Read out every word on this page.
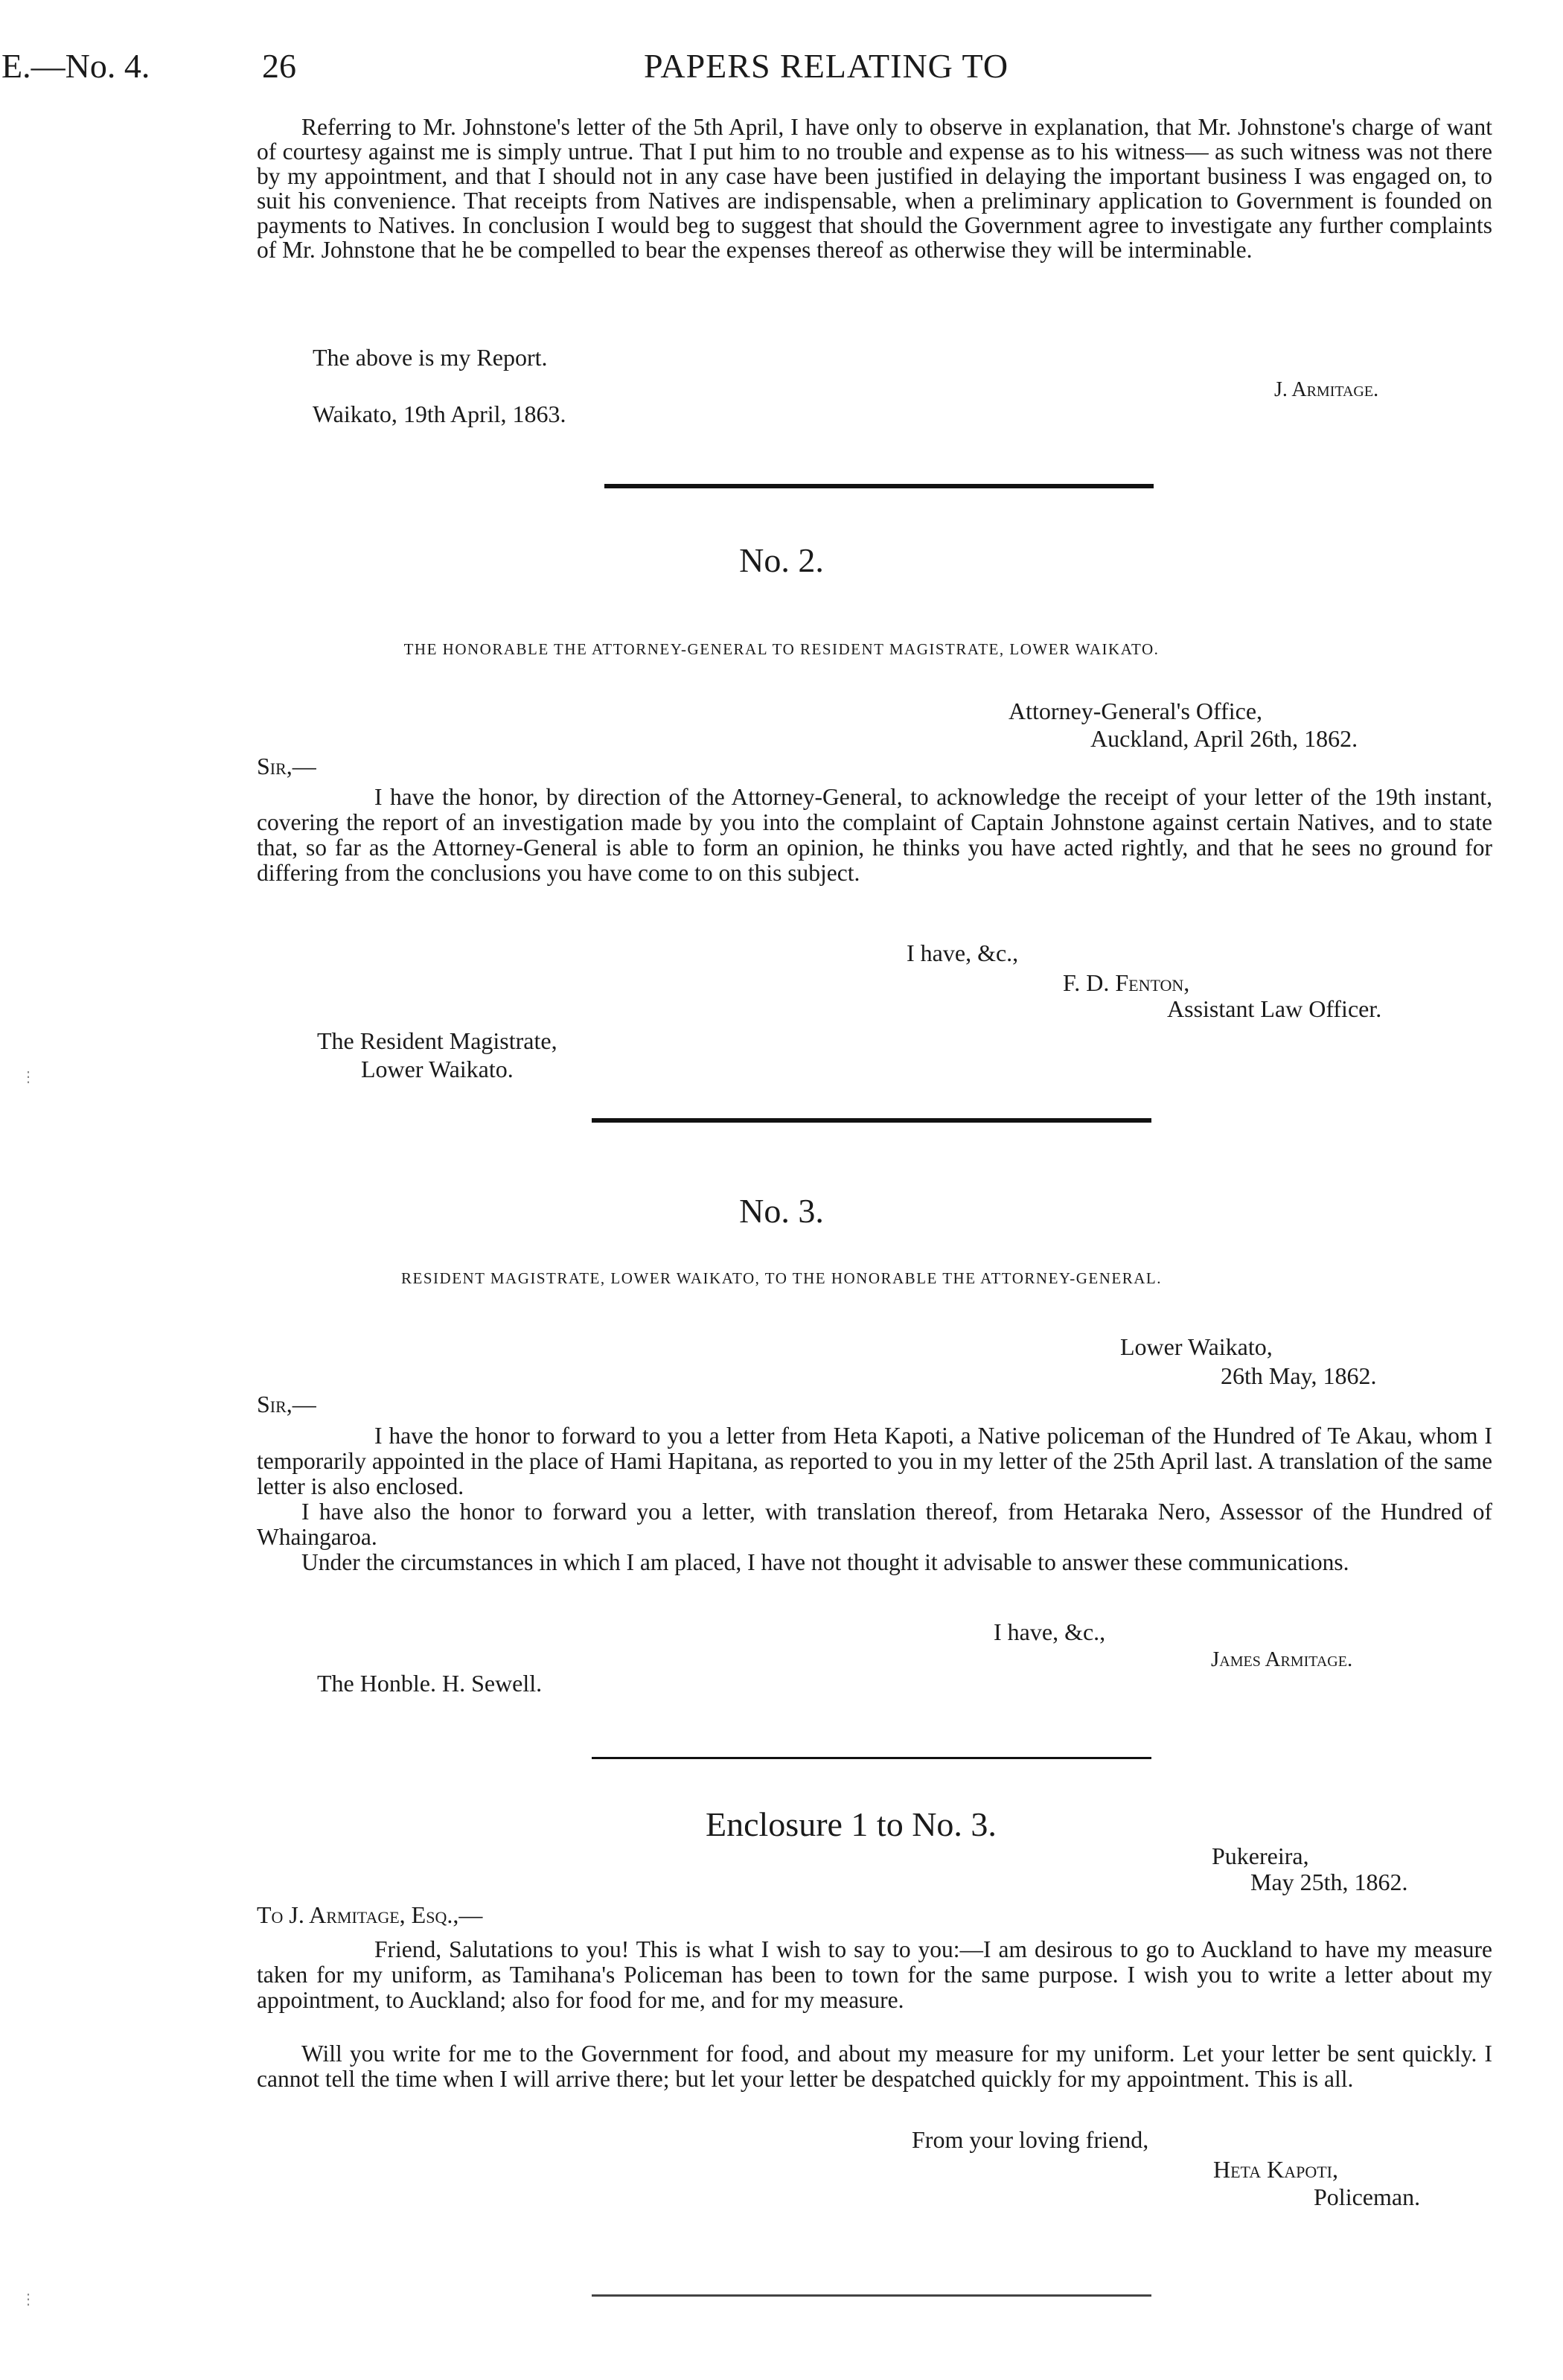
E.—No. 4.	26	PAPERS RELATING TO

Referring to Mr. Johnstone's letter of the 5th April, I have only to observe in explanation, that Mr. Johnstone's charge of want of courtesy against me is simply untrue. That I put him to no trouble and expense as to his witness— as such witness was not there by my appointment, and that I should not in any case have been justified in delaying the important business I was engaged on, to suit his convenience. That receipts from Natives are indispensable, when a preliminary application to Government is founded on payments to Natives. In conclusion I would beg to suggest that should the Government agree to investigate any further complaints of Mr. Johnstone that he be compelled to bear the expenses thereof as otherwise they will be interminable.

The above is my Report.
J. Armitage.
Waikato, 19th April, 1863.
No. 2.
THE HONORABLE THE ATTORNEY-GENERAL TO RESIDENT MAGISTRATE, LOWER WAIKATO.
Attorney-General's Office,
Auckland, April 26th, 1862.
Sir,—

I have the honor, by direction of the Attorney-General, to acknowledge the receipt of your letter of the 19th instant, covering the report of an investigation made by you into the complaint of Captain Johnstone against certain Natives, and to state that, so far as the Attorney-General is able to form an opinion, he thinks you have acted rightly, and that he sees no ground for differing from the conclusions you have come to on this subject.

I have, &c.,
F. D. Fenton,
Assistant Law Officer.
The Resident Magistrate,
Lower Waikato.
No. 3.
RESIDENT MAGISTRATE, LOWER WAIKATO, TO THE HONORABLE THE ATTORNEY-GENERAL.
Lower Waikato,
26th May, 1862.
Sir,—

I have the honor to forward to you a letter from Heta Kapoti, a Native policeman of the Hundred of Te Akau, whom I temporarily appointed in the place of Hami Hapitana, as reported to you in my letter of the 25th April last. A translation of the same letter is also enclosed.

I have also the honor to forward you a letter, with translation thereof, from Hetaraka Nero, Assessor of the Hundred of Whaingaroa.

Under the circumstances in which I am placed, I have not thought it advisable to answer these communications.

I have, &c.,
James Armitage.
The Honble. H. Sewell.
Enclosure 1 to No. 3.
Pukereira,
May 25th, 1862.
To J. Armitage, Esq.,—

Friend, Salutations to you! This is what I wish to say to you:—I am desirous to go to Auckland to have my measure taken for my uniform, as Tamihana's Policeman has been to town for the same purpose. I wish you to write a letter about my appointment, to Auckland; also for food for me, and for my measure.

Will you write for me to the Government for food, and about my measure for my uniform. Let your letter be sent quickly. I cannot tell the time when I will arrive there; but let your letter be despatched quickly for my appointment. This is all.

From your loving friend,
Heta Kapoti,
Policeman.
⋮
⋮
